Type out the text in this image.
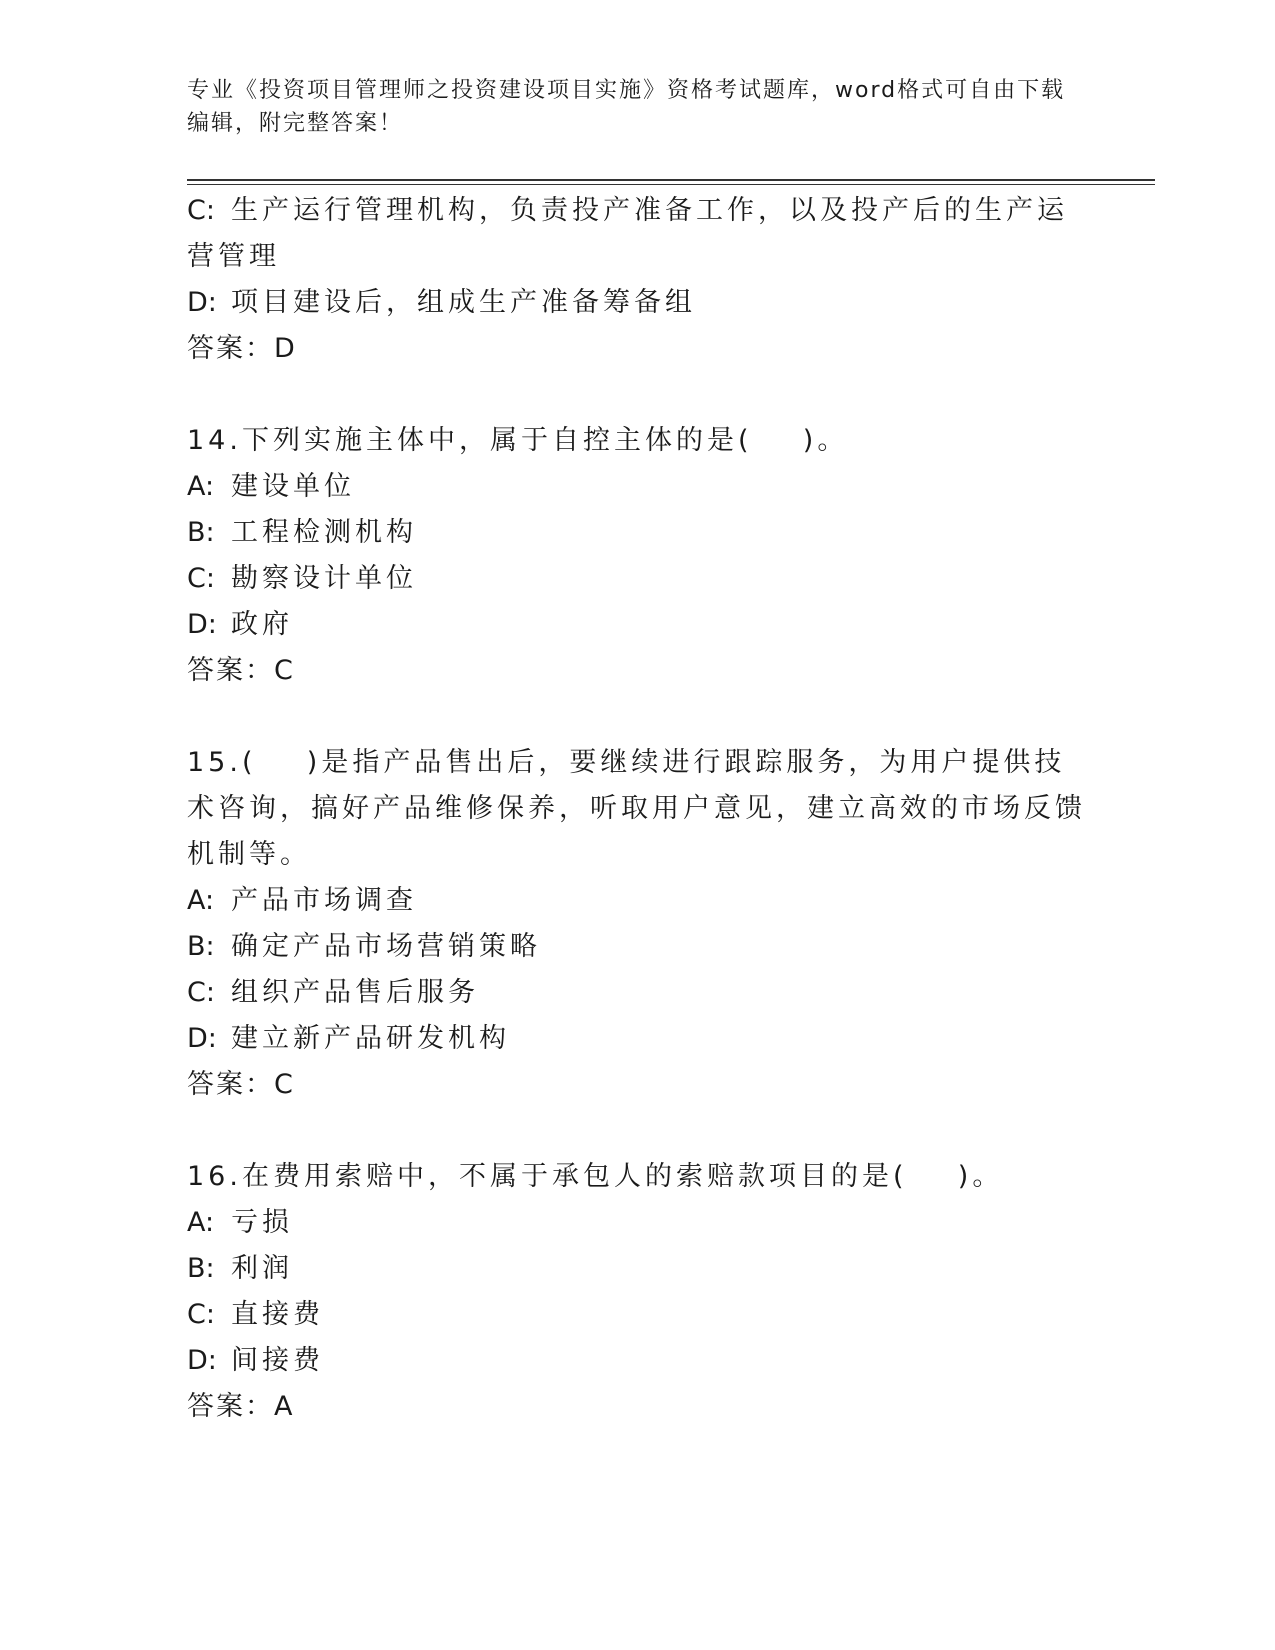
专业《投资项目管理师之投资建设项目实施》资格考试题库，word格式可自由下载编辑，附完整答案！

C: 生产运行管理机构，负责投产准备工作，以及投产后的生产运营管理

D: 项目建设后，组成生产准备筹备组

答案：D

14.下列实施主体中，属于自控主体的是(    )。

A: 建设单位

B: 工程检测机构

C: 勘察设计单位

D: 政府

答案：C

15.(    )是指产品售出后，要继续进行跟踪服务，为用户提供技术咨询，搞好产品维修保养，听取用户意见，建立高效的市场反馈机制等。

A: 产品市场调查

B: 确定产品市场营销策略

C: 组织产品售后服务

D: 建立新产品研发机构

答案：C

16.在费用索赔中，不属于承包人的索赔款项目的是(    )。

A: 亏损

B: 利润

C: 直接费

D: 间接费

答案：A
